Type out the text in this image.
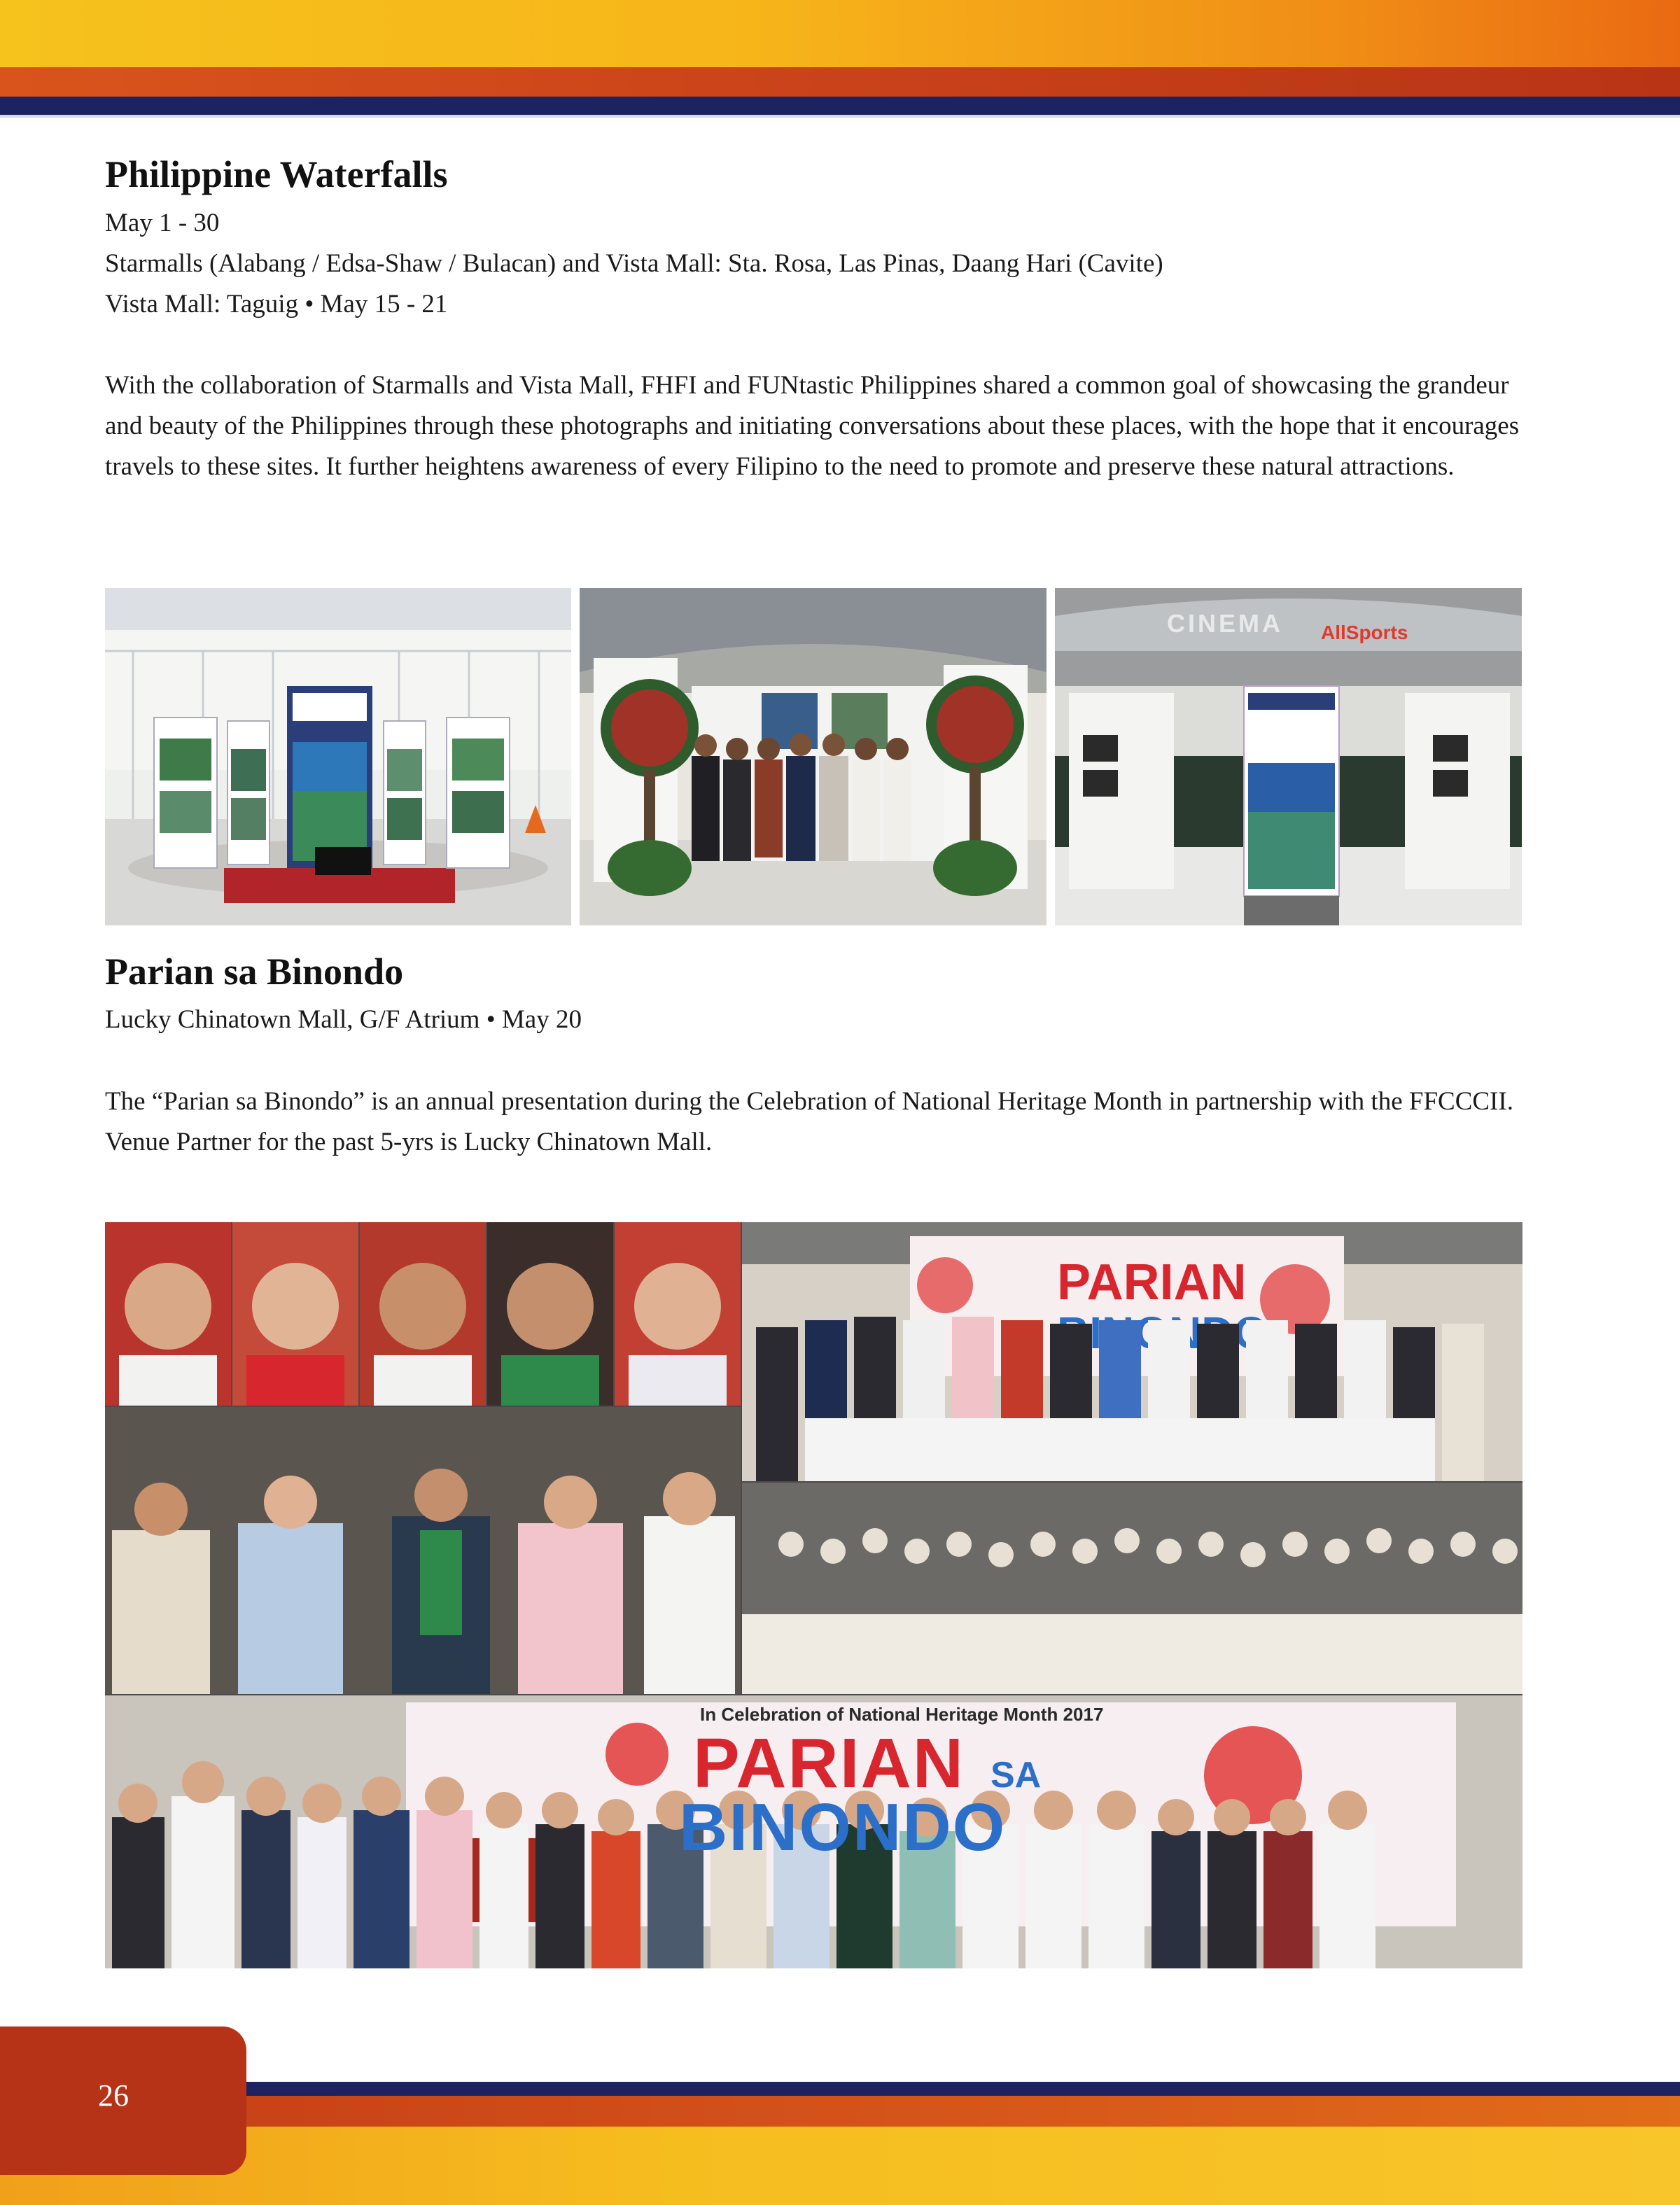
Philippine Waterfalls
May 1 - 30
Starmalls (Alabang / Edsa-Shaw / Bulacan) and Vista Mall: Sta. Rosa, Las Pinas, Daang Hari (Cavite)
Vista Mall: Taguig • May 15 - 21
With the collaboration of Starmalls and Vista Mall, FHFI and FUNtastic Philippines shared a common goal of showcasing the grandeur and beauty of the Philippines through these photographs and initiating conversations about these places, with the hope that it encourages travels to these sites. It further heightens awareness of every Filipino to the need to promote and preserve these natural attractions.
CINEMA AllSports
Parian sa Binondo
Lucky Chinatown Mall, G/F Atrium • May 20
The “Parian sa Binondo” is an annual presentation during the Celebration of National Heritage Month in partnership with the FFCCCII. Venue Partner for the past 5-yrs is Lucky Chinatown Mall.
PARIAN
In Celebration of National Heritage Month 2017
PARIAN SA
BINONDO
26
